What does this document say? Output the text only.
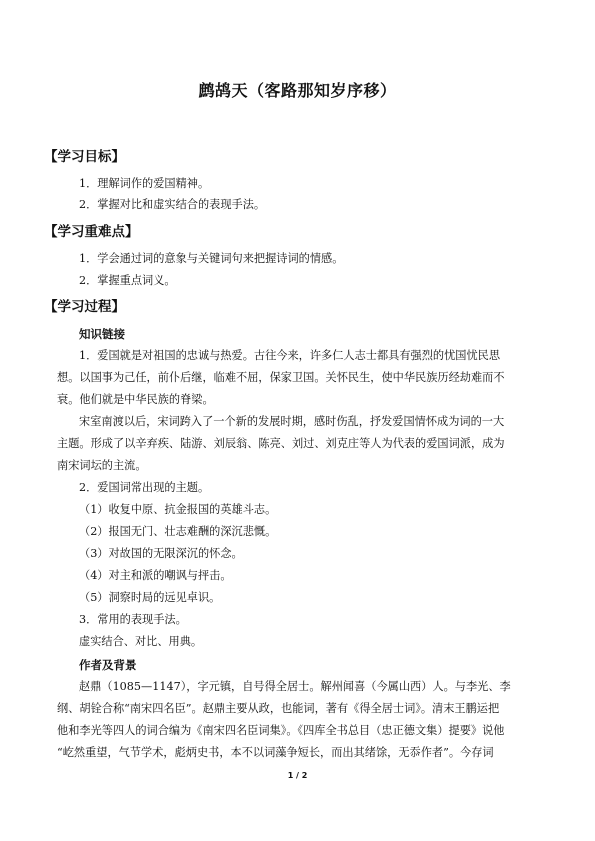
鹧鸪天（客路那知岁序移）
【学习目标】
1．理解词作的爱国精神。
2．掌握对比和虚实结合的表现手法。
【学习重难点】
1．学会通过词的意象与关键词句来把握诗词的情感。
2．掌握重点词义。
【学习过程】
知识链接
1．爱国就是对祖国的忠诚与热爱。古往今来，许多仁人志士都具有强烈的忧国忧民思
想。以国事为己任，前仆后继，临难不屈，保家卫国。关怀民生，使中华民族历经劫难而不
衰。他们就是中华民族的脊梁。
宋室南渡以后，宋词跨入了一个新的发展时期，感时伤乱，抒发爱国情怀成为词的一大
主题。形成了以辛弃疾、陆游、刘辰翁、陈亮、刘过、刘克庄等人为代表的爱国词派，成为
南宋词坛的主流。
2．爱国词常出现的主题。
（1）收复中原、抗金报国的英雄斗志。
（2）报国无门、壮志难酬的深沉悲慨。
（3）对故国的无限深沉的怀念。
（4）对主和派的嘲讽与抨击。
（5）洞察时局的远见卓识。
3．常用的表现手法。
虚实结合、对比、用典。
作者及背景
赵鼎（1085—1147），字元镇，自号得全居士。解州闻喜（今属山西）人。与李光、李
纲、胡铨合称“南宋四名臣”。赵鼎主要从政，也能词，著有《得全居士词》。清末王鹏运把
他和李光等四人的词合编为《南宋四名臣词集》。《四库全书总目（忠正德文集）提要》说他
“屹然重望，气节学术，彪炳史书，本不以词藻争短长，而出其绪馀，无忝作者”。今存词
1 / 2
